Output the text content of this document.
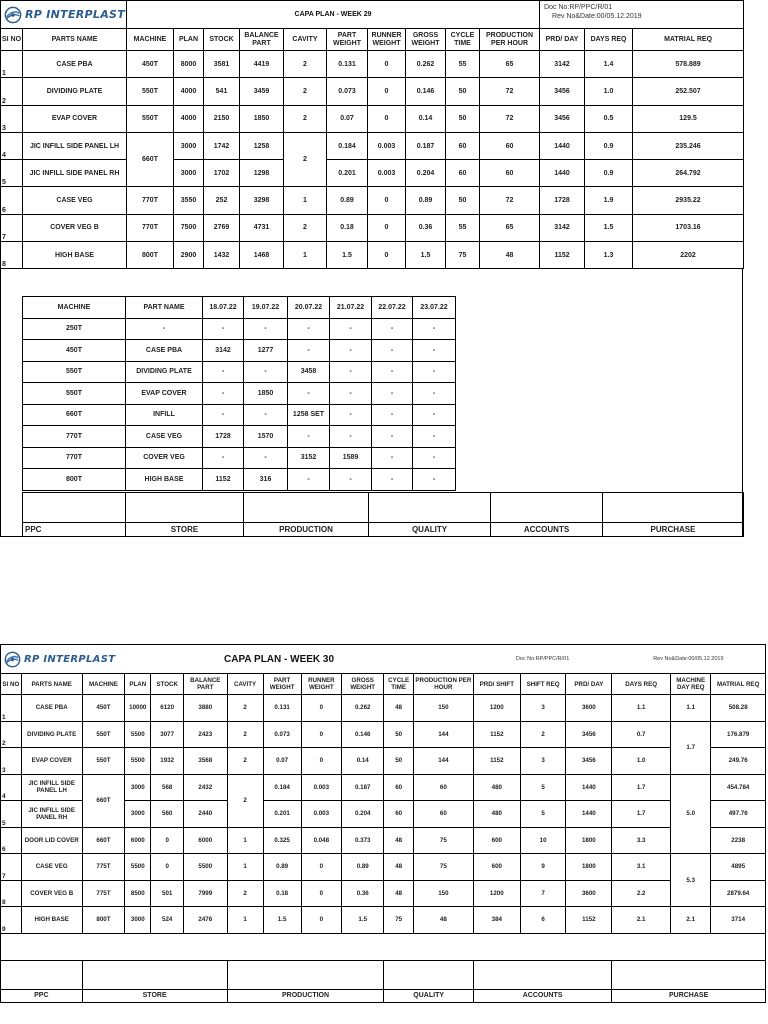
RP INTERPLAST		CAPA PLAN - WEEK 29										Doc No:RP/PPC/R/01
Rev No&Date:00/05.12.2019		

SI NO	PARTS NAME	MACHINE	PLAN	STOCK	BALANCE PART	CAVITY	PART WEIGHT	RUNNER WEIGHT	GROSS WEIGHT	CYCLE TIME	PRODUCTION PER HOUR	PRD/ DAY	DAYS REQ	MATRIAL REQ
1	CASE PBA	450T	8000	3581	4419	2	0.131	0	0.262	55	65	3142	1.4	578.889
2	DIVIDING PLATE	550T	4000	541	3459	2	0.073	0	0.146	50	72	3456	1.0	252.507
3	EVAP COVER	550T	4000	2150	1850	2	0.07	0	0.14	50	72	3456	0.5	129.5
4	JIC INFILL SIDE PANEL LH	660T	3000	1742	1258	2	0.184	0.003	0.187	60	60	1440	0.9	235.246
5	JIC INFILL SIDE PANEL RH		3000	1702	1298		0.201	0.003	0.204	60	60	1440	0.9	264.792
6	CASE VEG	770T	3550	252	3298	1	0.89	0	0.89	50	72	1728	1.9	2935.22
7	COVER VEG B	770T	7500	2769	4731	2	0.18	0	0.36	55	65	3142	1.5	1703.16
8	HIGH BASE	800T	2900	1432	1468	1	1.5	0	1.5	75	48	1152	1.3	2202
MACHINE	PART NAME	18.07.22	19.07.22	20.07.22	21.07.22	22.07.22	23.07.22
250T	-	-	-	-	-	-	-
450T	CASE PBA	3142	1277	-	-	-	-
550T	DIVIDING PLATE	-	-	3458	-	-	-
550T	EVAP COVER	-	1850	-	-	-	-
660T	INFILL	-	-	1258 SET	-	-	-
770T	CASE VEG	1728	1570	-	-	-	-
770T	COVER VEG	-	-	3152	1589	-	-
800T	HIGH BASE	1152	316	-	-	-	-

PPC	STORE	PRODUCTION	QUALITY	ACCOUNTS	PURCHASE
RP INTERPLAST			CAPA PLAN - WEEK 30									Doc No:RP/PPC/R/01			Rev No&Date:00/05.12.2019		
SI NO	PARTS NAME	MACHINE	PLAN	STOCK	BALANCE PART	CAVITY	PART WEIGHT	RUNNER WEIGHT	GROSS WEIGHT	CYCLE TIME	PRODUCTION PER HOUR	PRD/ SHIFT	SHIFT REQ	PRD/ DAY	DAYS REQ	MACHINE DAY REQ	MATRIAL REQ
1	CASE PBA	450T	10000	6120	3880	2	0.131	0	0.262	48	150	1200	3	3600	1.1	1.1	508.28
2	DIVIDING PLATE	550T	5500	3077	2423	2	0.073	0	0.146	50	144	1152	2	3456	0.7	1.7	176.879
3	EVAP COVER	550T	5500	1932	3568	2	0.07	0	0.14	50	144	1152	3	3456	1.0		249.76
4	JIC INFILL SIDE PANEL LH	660T	3000	568	2432	2	0.184	0.003	0.187	60	60	480	5	1440	1.7	5.0	454.784
5	JIC INFILL SIDE PANEL RH		3000	560	2440		0.201	0.003	0.204	60	60	480	5	1440	1.7		497.76
6	DOOR LID COVER	660T	6000	0	6000	1	0.325	0.048	0.373	48	75	600	10	1800	3.3		2238
7	CASE VEG	775T	5500	0	5500	1	0.89	0	0.89	48	75	600	9	1800	3.1	5.3	4895
8	COVER VEG B	775T	8500	501	7999	2	0.18	0	0.36	48	150	1200	7	3600	2.2		2879.64
9	HIGH BASE	800T	3000	524	2476	1	1.5	0	1.5	75	48	384	6	1152	2.1	2.1	3714

PPC		STORE				PRODUCTION				QUALITY		ACCOUNTS			PURCHASE		
